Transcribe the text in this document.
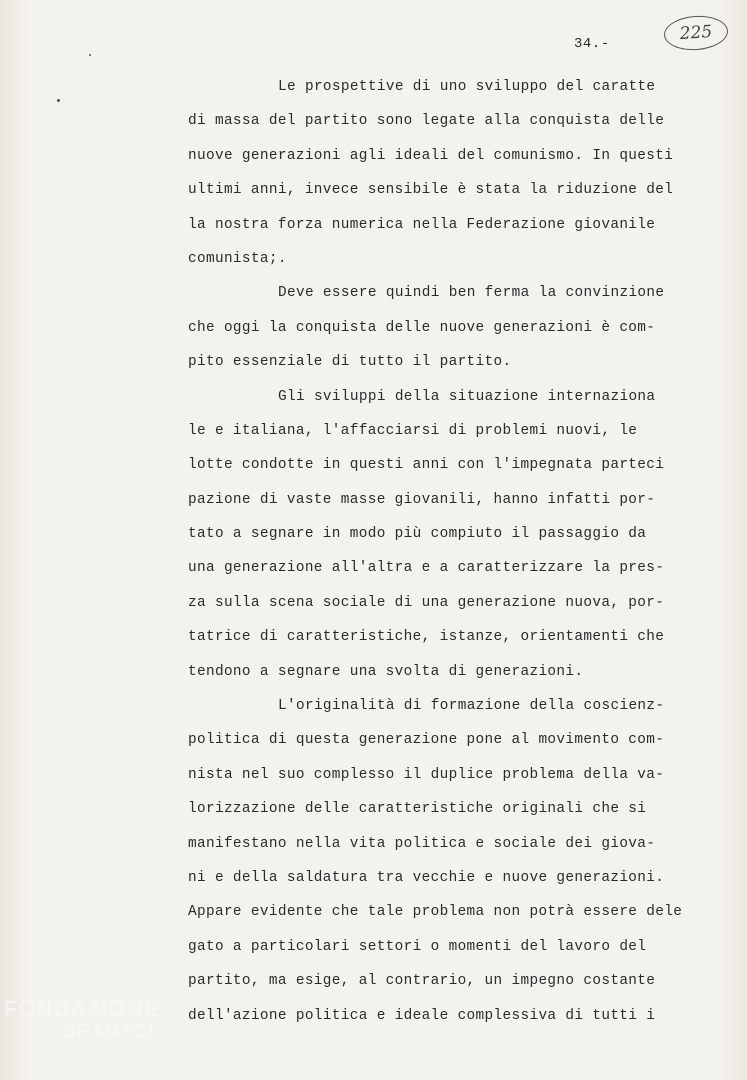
34.-	225
Le prospettive di uno sviluppo del caratte
di massa del partito sono legate alla conquista delle
nuove generazioni agli ideali del comunismo. In questi
ultimi anni, invece sensibile è stata la riduzione del
la nostra forza numerica nella Federazione giovanile
comunista;.
Deve essere quindi ben ferma la convinzione
che oggi la conquista delle nuove generazioni è com-
pito essenziale di tutto il partito.
Gli sviluppi della situazione internaziona
le e italiana, l'affacciarsi di problemi nuovi, le
lotte condotte in questi anni con l'impegnata parteci
pazione di vaste masse giovanili, hanno infatti por-
tato a segnare in modo più compiuto il passaggio da
una generazione all'altra e a caratterizzare la pres-
za sulla scena sociale di una generazione nuova, por-
tatrice di caratteristiche, istanze, orientamenti che
tendono a segnare una svolta di generazioni.
L'originalità di formazione della coscienz-
politica di questa generazione pone al movimento com-
nista nel suo complesso il duplice problema della va-
lorizzazione delle caratteristiche originali che si
manifestano nella vita politica e sociale dei giova-
ni e della saldatura tra vecchie e nuove generazioni.
Appare evidente che tale problema non potrà essere dele
gato a particolari settori o momenti del lavoro del
partito, ma esige, al contrario, un impegno costante
dell'azione politica e ideale complessiva di tutti i
FONDAZIONE
GRAMSCI
